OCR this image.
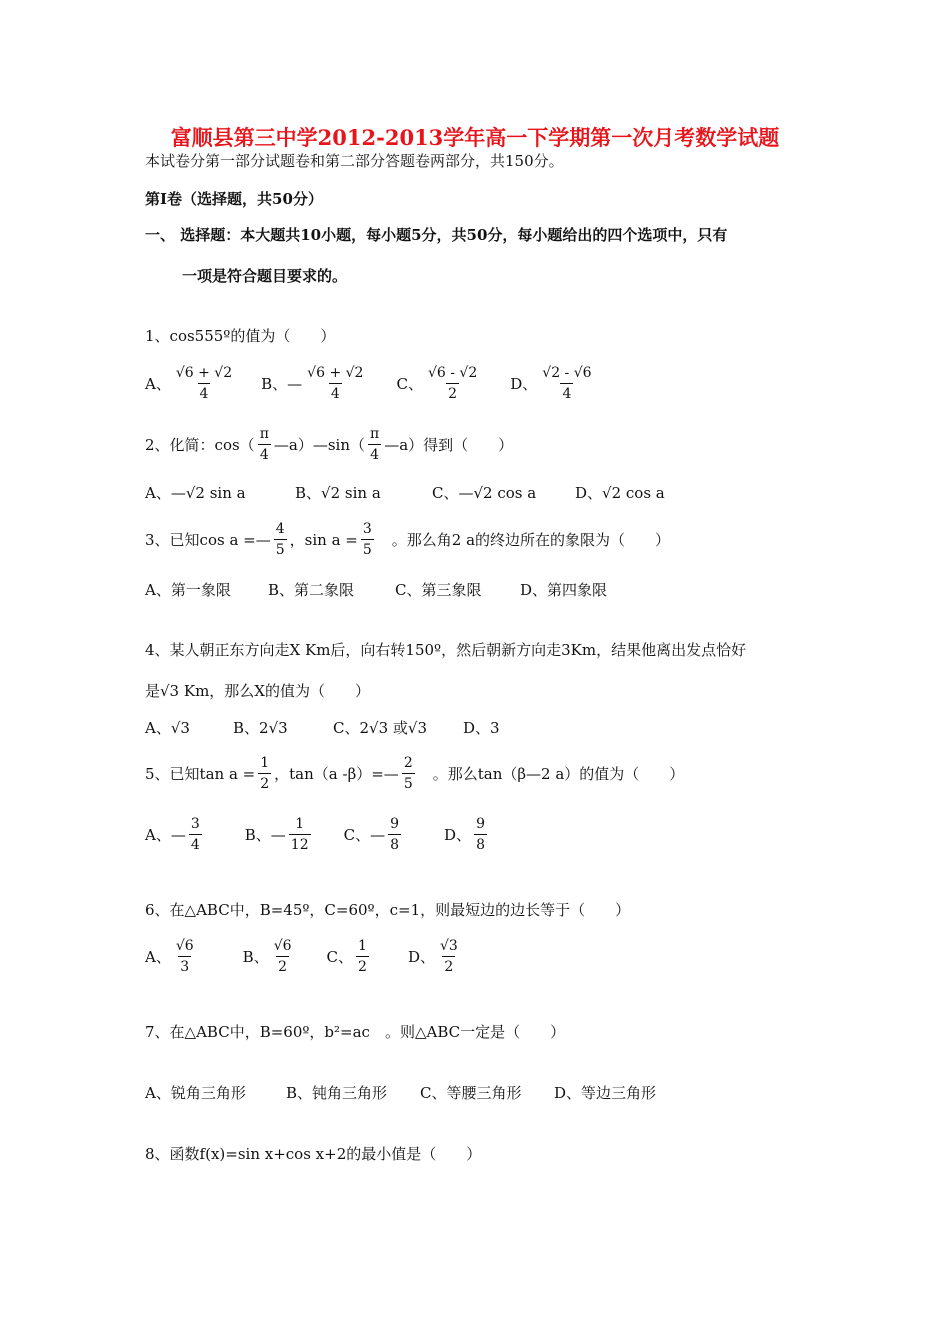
富顺县第三中学2012-2013学年高一下学期第一次月考数学试题
本试卷分第一部分试题卷和第二部分答题卷两部分，共150分。
第Ⅰ卷（选择题，共50分）
一、 选择题：本大题共10小题，每小题5分，共50分，每小题给出的四个选项中，只有
一项是符合题目要求的。
1、cos555º的值为（　　）
A、 $\frac{√6 + √2}{4}$ B、— $\frac{√6 + √2}{4}$ C、 $\frac{√6 - √2}{2}$ D、 $\frac{√2 - √6}{4}$
2、化简：$\cos( \frac{\pi}{4}$ —a）—sin（ $\frac{\pi}{4}$ —a）得到（　　）
A、—√2 sin a	B、√2 sin a	C、—√2 cos a	D、√2 cos a
3、已知cos a =— $\frac{4}{5}$ ，$\sin a = \frac{3}{5}$ 　。那么角2 a的终边所在的象限为（　　）
A、第一象限 B、第二象限	C、第三象限	D、第四象限
4、某人朝正东方向走X Km后，向右转150º，然后朝新方向走3Km，结果他离出发点恰好
是√3 Km，那么X的值为（　　）
A、√3	B、2√3	C、2√3 或√3 D、3
5、已知$\tan a = \frac{1}{2}$ ，tan（a -β）=— $\frac{2}{5}$ 　。那么tan（β—2 a）的值为（　　）
A、— $\frac{3}{4}$	B、— $\frac{1}{12}$ C、— $\frac{9}{8}$	D、 $\frac{9}{8}$
6、在△ABC中，B=45º，C=60º，c=1，则最短边的边长等于（　　）
A、 $\frac{√6}{3}$	B、 $\frac{√6}{2}$ C、 $\frac{1}{2}$	D、 $\frac{√3}{2}$
7、在△ABC中，B=60º，b²=ac　。则△ABC一定是（　　）
A、锐角三角形	B、钝角三角形 C、等腰三角形 D、等边三角形
8、函数f(x)=sin x+cos x+2的最小值是（　　）
